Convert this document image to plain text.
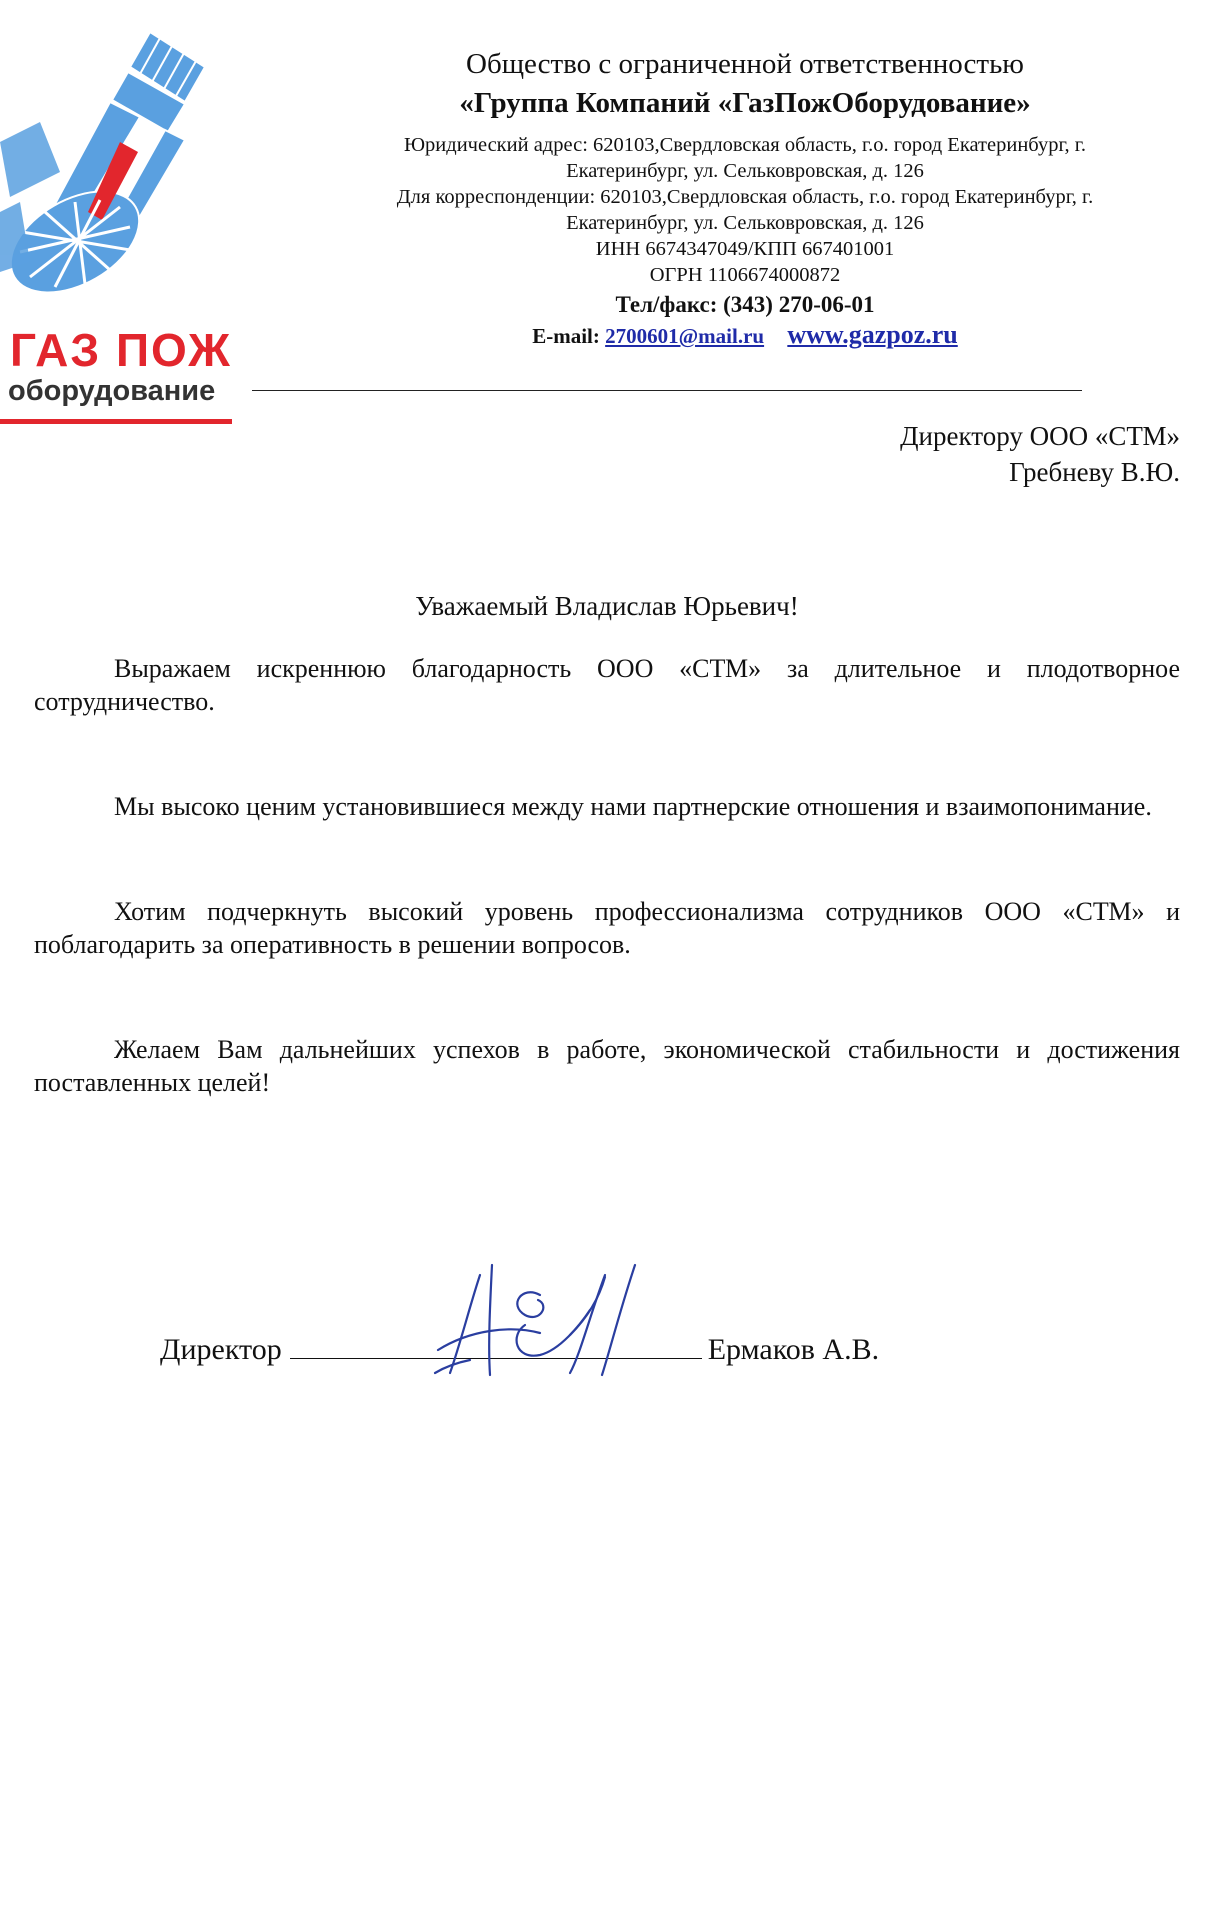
ГАЗ ПОЖ
оборудование
Общество с ограниченной ответственностью
«Группа Компаний «ГазПожОборудование»
Юридический адрес: 620103,Свердловская область, г.о. город Екатеринбург, г.
Екатеринбург, ул. Сельковровская, д. 126
Для корреспонденции: 620103,Свердловская область, г.о. город Екатеринбург, г.
Екатеринбург, ул. Сельковровская, д. 126
ИНН 6674347049/КПП 667401001
ОГРН 1106674000872
Тел/факс: (343) 270-06-01
E-mail: 2700601@mail.ru www.gazpoz.ru
Директору ООО «СТМ»
Гребневу В.Ю.
Уважаемый Владислав Юрьевич!

Выражаем искреннюю благодарность ООО «СТМ» за длительное и плодотворное сотрудничество.

Мы высоко ценим установившиеся между нами партнерские отношения и взаимопонимание.

Хотим подчеркнуть высокий уровень профессионализма сотрудников ООО «СТМ» и поблагодарить за оперативность в решении вопросов.

Желаем Вам дальнейших успехов в работе, экономической стабильности и достижения поставленных целей!

Директор	Ермаков А.В.
